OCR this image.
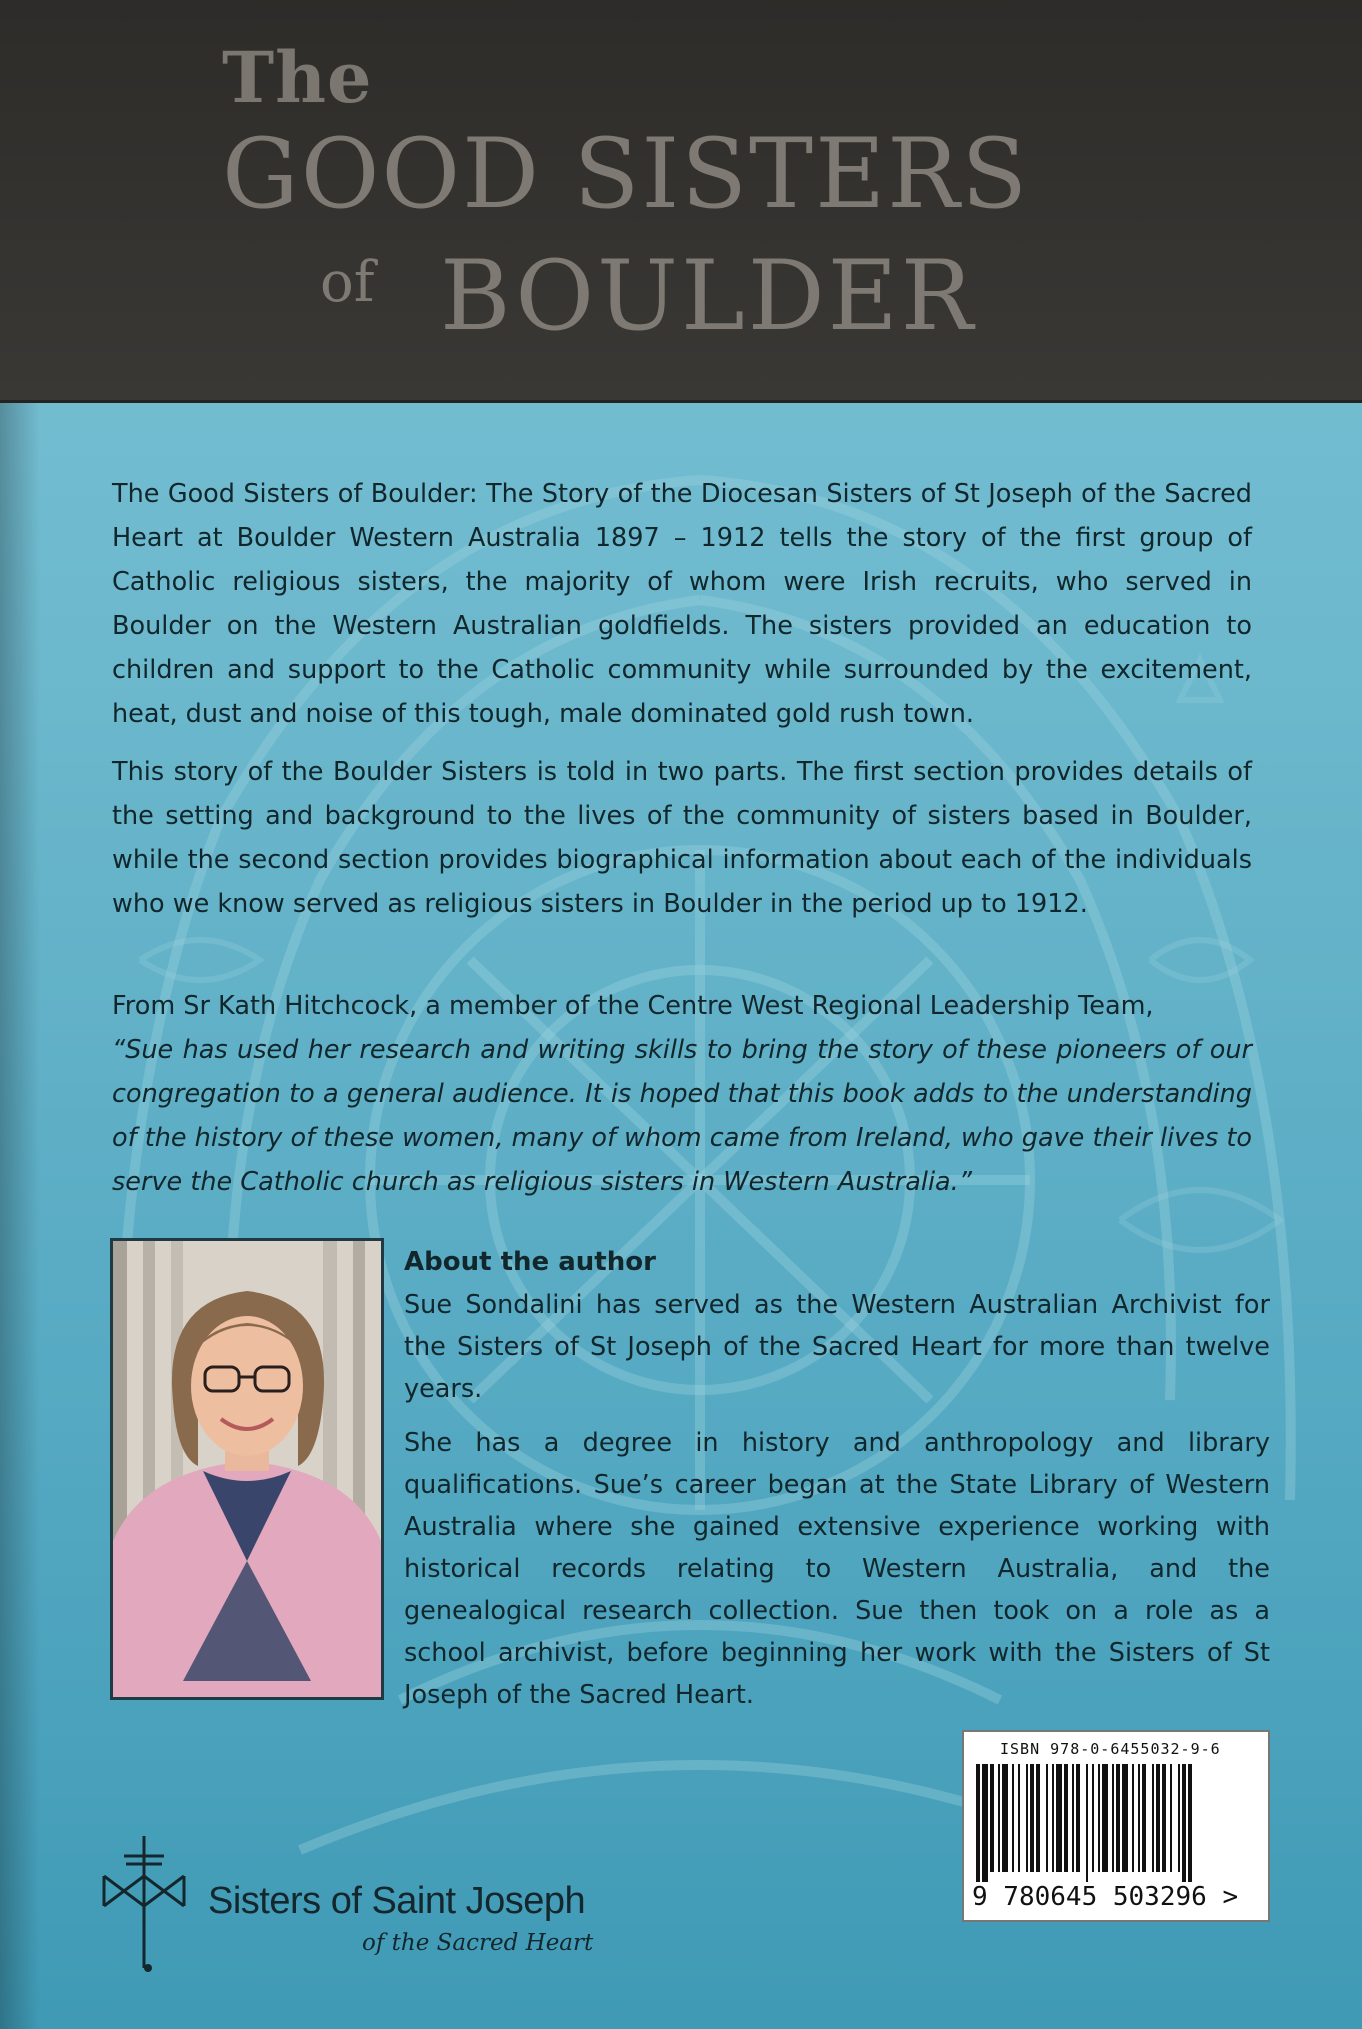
The
GOOD SISTERS
of BOULDER

The Good Sisters of Boulder: The Story of the Diocesan Sisters of St Joseph of the Sacred Heart at Boulder Western Australia 1897 – 1912 tells the story of the first group of Catholic religious sisters, the majority of whom were Irish recruits, who served in Boulder on the Western Australian goldfields. The sisters provided an education to children and support to the Catholic community while surrounded by the excitement, heat, dust and noise of this tough, male dominated gold rush town.

This story of the Boulder Sisters is told in two parts. The first section provides details of the setting and background to the lives of the community of sisters based in Boulder, while the second section provides biographical information about each of the individuals who we know served as religious sisters in Boulder in the period up to 1912.

From Sr Kath Hitchcock, a member of the Centre West Regional Leadership Team,

“Sue has used her research and writing skills to bring the story of these pioneers of our congregation to a general audience. It is hoped that this book adds to the understanding of the history of these women, many of whom came from Ireland, who gave their lives to serve the Catholic church as religious sisters in Western Australia.”

About the author

Sue Sondalini has served as the Western Australian Archivist for the Sisters of St Joseph of the Sacred Heart for more than twelve years.

She has a degree in history and anthropology and library qualifications. Sue’s career began at the State Library of Western Australia where she gained extensive experience working with historical records relating to Western Australia, and the genealogical research collection. Sue then took on a role as a school archivist, before beginning her work with the Sisters of St Joseph of the Sacred Heart.

ISBN 978-0-6455032-9-6
9 780645 503296 >
Sisters of Saint Joseph
of the Sacred Heart
